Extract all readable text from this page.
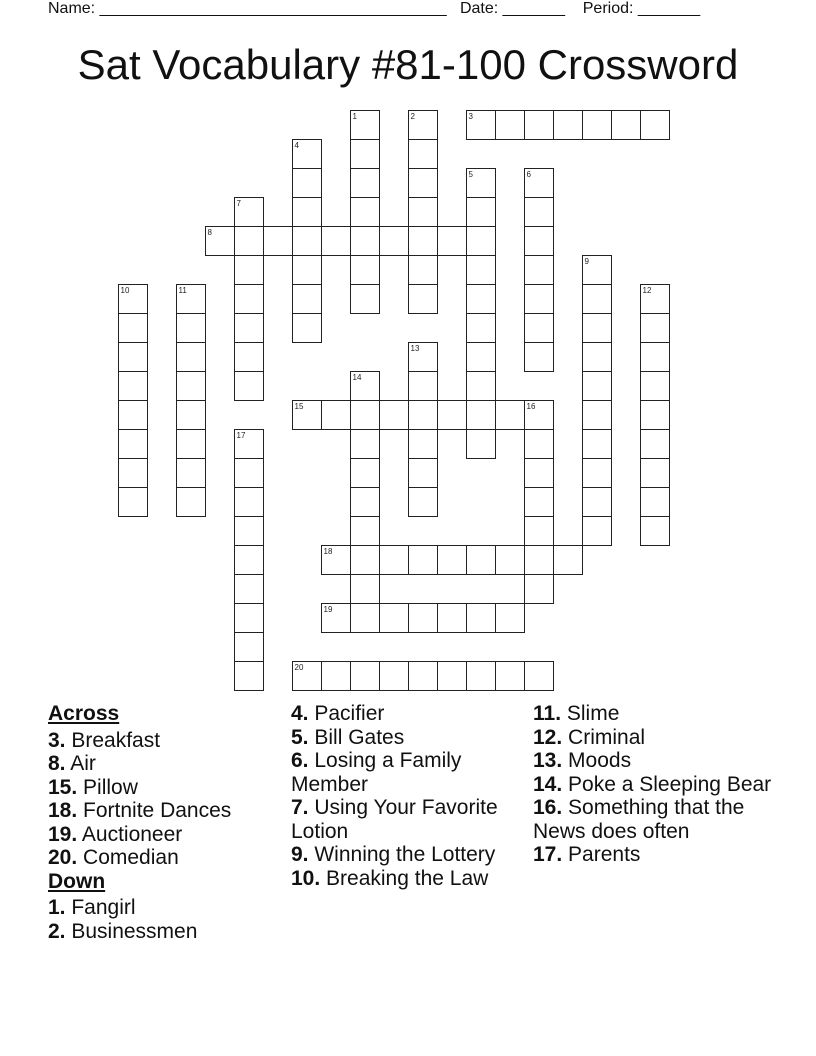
Name: _______________________________________ Date: _______ Period: _______
Sat Vocabulary #81-100 Crossword
1	2	3
4
5	6
7
8
9
10	11	12
13
14
15	16
17
18
19
20
Across
3. Breakfast
8. Air
15. Pillow
18. Fortnite Dances
19. Auctioneer
20. Comedian
Down
1. Fangirl
2. Businessmen
4. Pacifier
5. Bill Gates
6. Losing a Family Member
7. Using Your Favorite Lotion
9. Winning the Lottery
10. Breaking the Law
11. Slime
12. Criminal
13. Moods
14. Poke a Sleeping Bear
16. Something that the News does often
17. Parents
